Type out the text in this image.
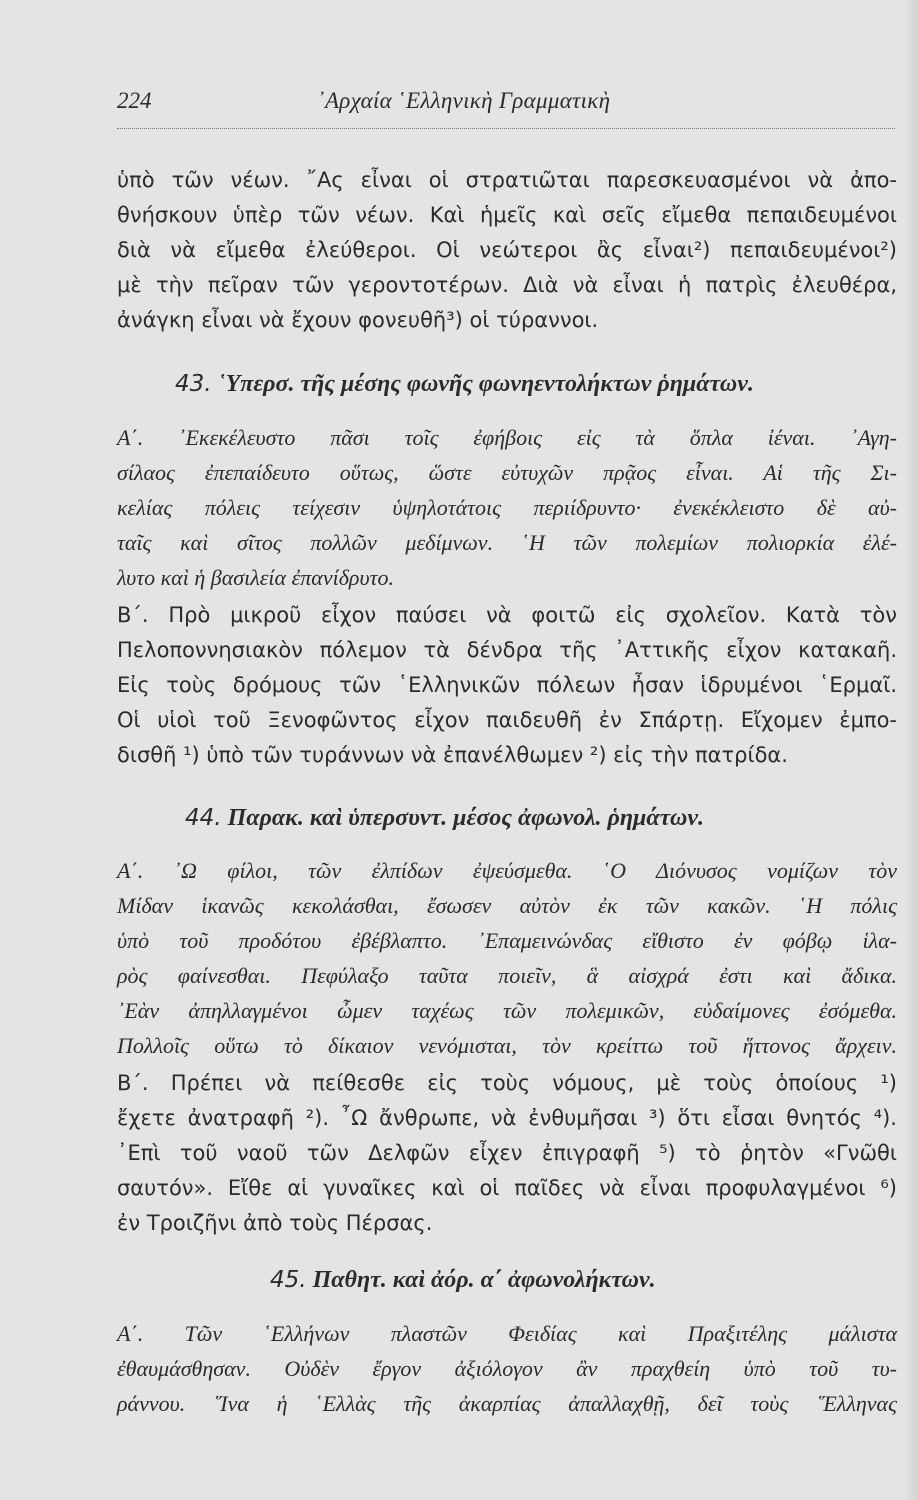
224	᾿Αρχαία ῾Ελληνικὴ Γραμματικὴ
ὑπὸ τῶν νέων. ῎Ας εἶναι οἱ στρατιῶται παρεσκευασμένοι νὰ ἀπο-
θνήσκουν ὑπὲρ τῶν νέων. Καὶ ἡμεῖς καὶ σεῖς εἴμεθα πεπαιδευμένοι
διὰ νὰ εἴμεθα ἐλεύθεροι. Οἱ νεώτεροι ἂς εἶναι²) πεπαιδευμένοι²)
μὲ τὴν πεῖραν τῶν γεροντοτέρων. Διὰ νὰ εἶναι ἡ πατρὶς ἐλευθέρα,
ἀνάγκη εἶναι νὰ ἔχουν φονευθῆ³) οἱ τύραννοι.
43. ῾Υπερσ. τῆς μέσης φωνῆς φωνηεντολήκτων ῥημάτων.
Α΄. ᾿Εκεκέλευστο πᾶσι τοῖς ἐφήβοις εἰς τὰ ὅπλα ἰέναι. ᾿Αγη-
σίλαος ἐπεπαίδευτο οὕτως, ὥστε εὐτυχῶν πρᾷος εἶναι. Αἱ τῆς Σι-
κελίας πόλεις τείχεσιν ὑψηλοτάτοις περιίδρυντο· ἐνεκέκλειστο δὲ αὐ-
ταῖς καὶ σῖτος πολλῶν μεδίμνων. ῾Η τῶν πολεμίων πολιορκία ἐλέ-
λυτο καὶ ἡ βασιλεία ἐπανίδρυτο.
Β΄. Πρὸ μικροῦ εἶχον παύσει νὰ φοιτῶ εἰς σχολεῖον. Κατὰ τὸν
Πελοποννησιακὸν πόλεμον τὰ δένδρα τῆς ᾿Αττικῆς εἶχον κατακαῆ.
Εἰς τοὺς δρόμους τῶν ῾Ελληνικῶν πόλεων ἦσαν ἱδρυμένοι ῾Ερμαῖ.
Οἱ υἱοὶ τοῦ Ξενοφῶντος εἶχον παιδευθῆ ἐν Σπάρτῃ. Εἴχομεν ἐμπο-
δισθῆ ¹) ὑπὸ τῶν τυράννων νὰ ἐπανέλθωμεν ²) εἰς τὴν πατρίδα.
44. Παρακ. καὶ ὑπερσυντ. μέσος ἀφωνολ. ῥημάτων.
Α΄. ᾿Ω φίλοι, τῶν ἐλπίδων ἐψεύσμεθα. ῾Ο Διόνυσος νομίζων τὸν
Μίδαν ἱκανῶς κεκολάσθαι, ἔσωσεν αὐτὸν ἐκ τῶν κακῶν. ῾Η πόλις
ὑπὸ τοῦ προδότου ἐβέβλαπτο. ᾿Επαμεινώνδας εἴθιστο ἐν φόβῳ ἱλα-
ρὸς φαίνεσθαι. Πεφύλαξο ταῦτα ποιεῖν, ἃ αἰσχρά ἐστι καὶ ἄδικα.
᾿Εὰν ἀπηλλαγμένοι ὦμεν ταχέως τῶν πολεμικῶν, εὐδαίμονες ἐσόμεθα.
Πολλοῖς οὕτω τὸ δίκαιον νενόμισται, τὸν κρείττω τοῦ ἥττονος ἄρχειν.
Β΄. Πρέπει νὰ πείθεσθε εἰς τοὺς νόμους, μὲ τοὺς ὁποίους ¹)
ἔχετε ἀνατραφῆ ²). ῏Ω ἄνθρωπε, νὰ ἐνθυμῆσαι ³) ὅτι εἶσαι θνητός ⁴).
᾿Επὶ τοῦ ναοῦ τῶν Δελφῶν εἶχεν ἐπιγραφῆ ⁵) τὸ ῥητὸν «Γνῶθι
σαυτόν». Εἴθε αἱ γυναῖκες καὶ οἱ παῖδες νὰ εἶναι προφυλαγμένοι ⁶)
ἐν Τροιζῆνι ἀπὸ τοὺς Πέρσας.
45. Παθητ. καὶ ἀόρ. α΄ ἀφωνολήκτων.
Α΄. Τῶν ῾Ελλήνων πλαστῶν Φειδίας καὶ Πραξιτέλης μάλιστα
ἐθαυμάσθησαν. Οὐδὲν ἔργον ἀξιόλογον ἂν πραχθείη ὑπὸ τοῦ τυ-
ράννου. ῞Ινα ἡ ῾Ελλὰς τῆς ἀκαρπίας ἀπαλλαχθῇ, δεῖ τοὺς ῞Ελληνας
